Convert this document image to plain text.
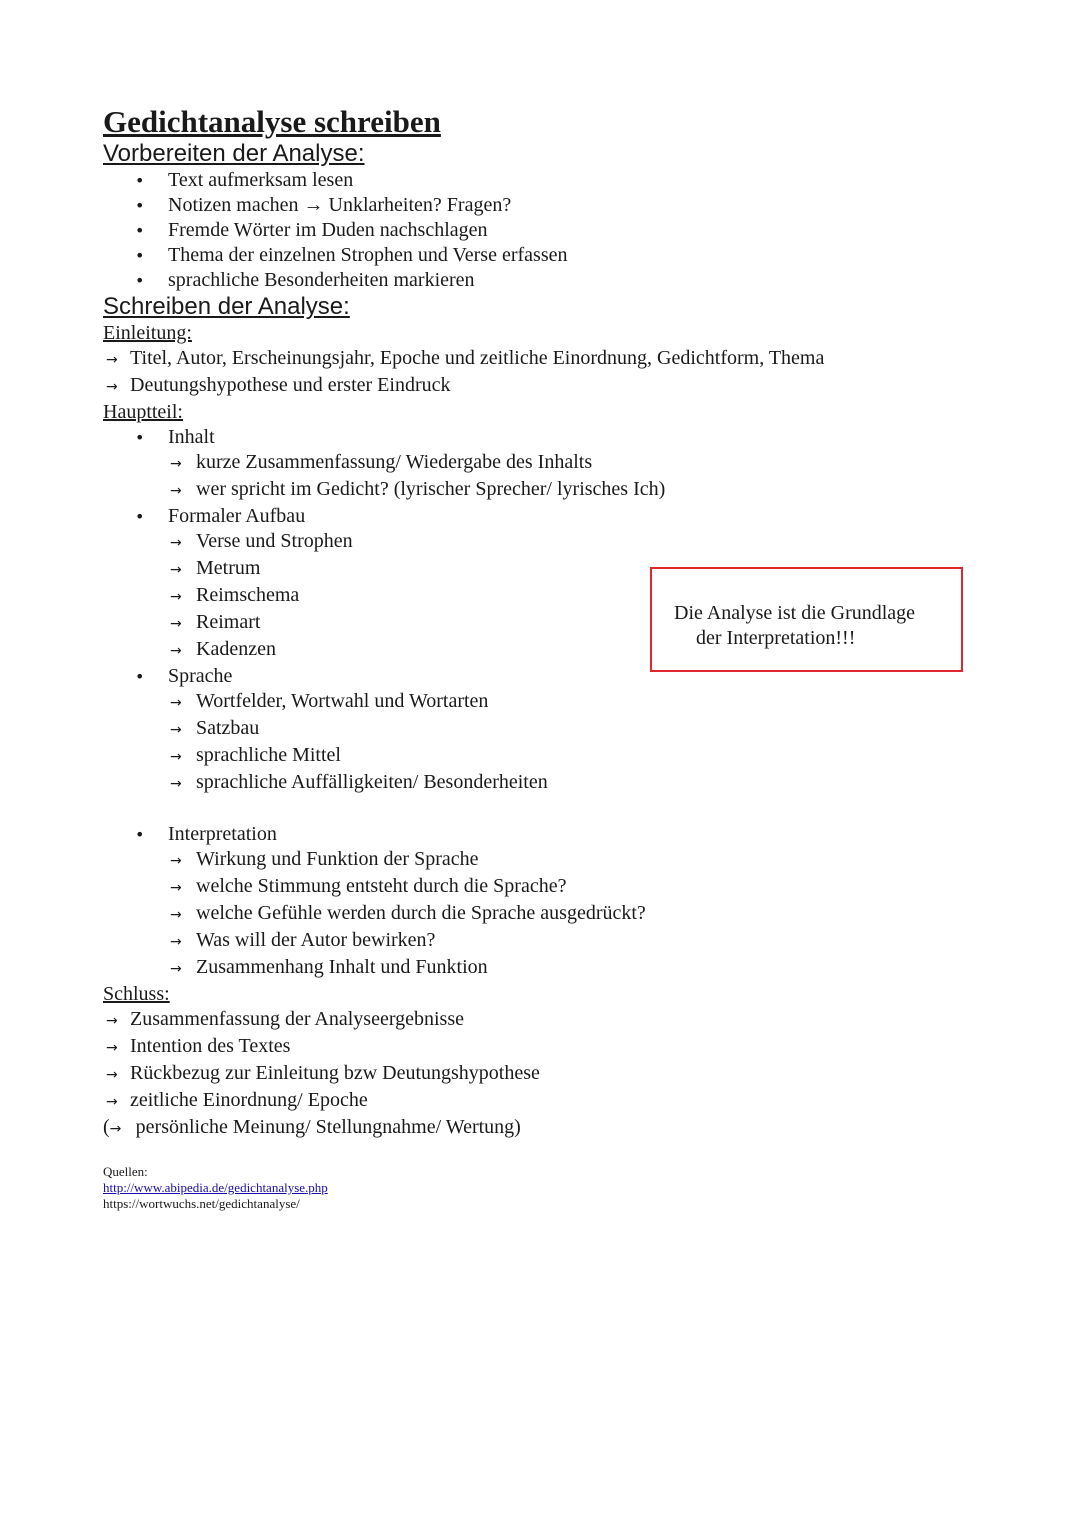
Gedichtanalyse schreiben
Vorbereiten der Analyse:
• Text aufmerksam lesen
• Notizen machen → Unklarheiten? Fragen?
• Fremde Wörter im Duden nachschlagen
• Thema der einzelnen Strophen und Verse erfassen
• sprachliche Besonderheiten markieren
Schreiben der Analyse:
Einleitung:
→ Titel, Autor, Erscheinungsjahr, Epoche und zeitliche Einordnung, Gedichtform, Thema
→ Deutungshypothese und erster Eindruck
Hauptteil:
• Inhalt
→ kurze Zusammenfassung/ Wiedergabe des Inhalts
→ wer spricht im Gedicht? (lyrischer Sprecher/ lyrisches Ich)
• Formaler Aufbau
→ Verse und Strophen
→ Metrum
→ Reimschema
→ Reimart
→ Kadenzen
• Sprache
→ Wortfelder, Wortwahl und Wortarten
→ Satzbau
→ sprachliche Mittel
→ sprachliche Auffälligkeiten/ Besonderheiten
• Interpretation
→ Wirkung und Funktion der Sprache
→ welche Stimmung entsteht durch die Sprache?
→ welche Gefühle werden durch die Sprache ausgedrückt?
→ Was will der Autor bewirken?
→ Zusammenhang Inhalt und Funktion
Schluss:
→ Zusammenfassung der Analyseergebnisse
→ Intention des Textes
→ Rückbezug zur Einleitung bzw Deutungshypothese
→ zeitliche Einordnung/ Epoche
(→ persönliche Meinung/ Stellungnahme/ Wertung)
Quellen:
http://www.abipedia.de/gedichtanalyse.php
https://wortwuchs.net/gedichtanalyse/
Die Analyse ist die Grundlage
der Interpretation!!!
